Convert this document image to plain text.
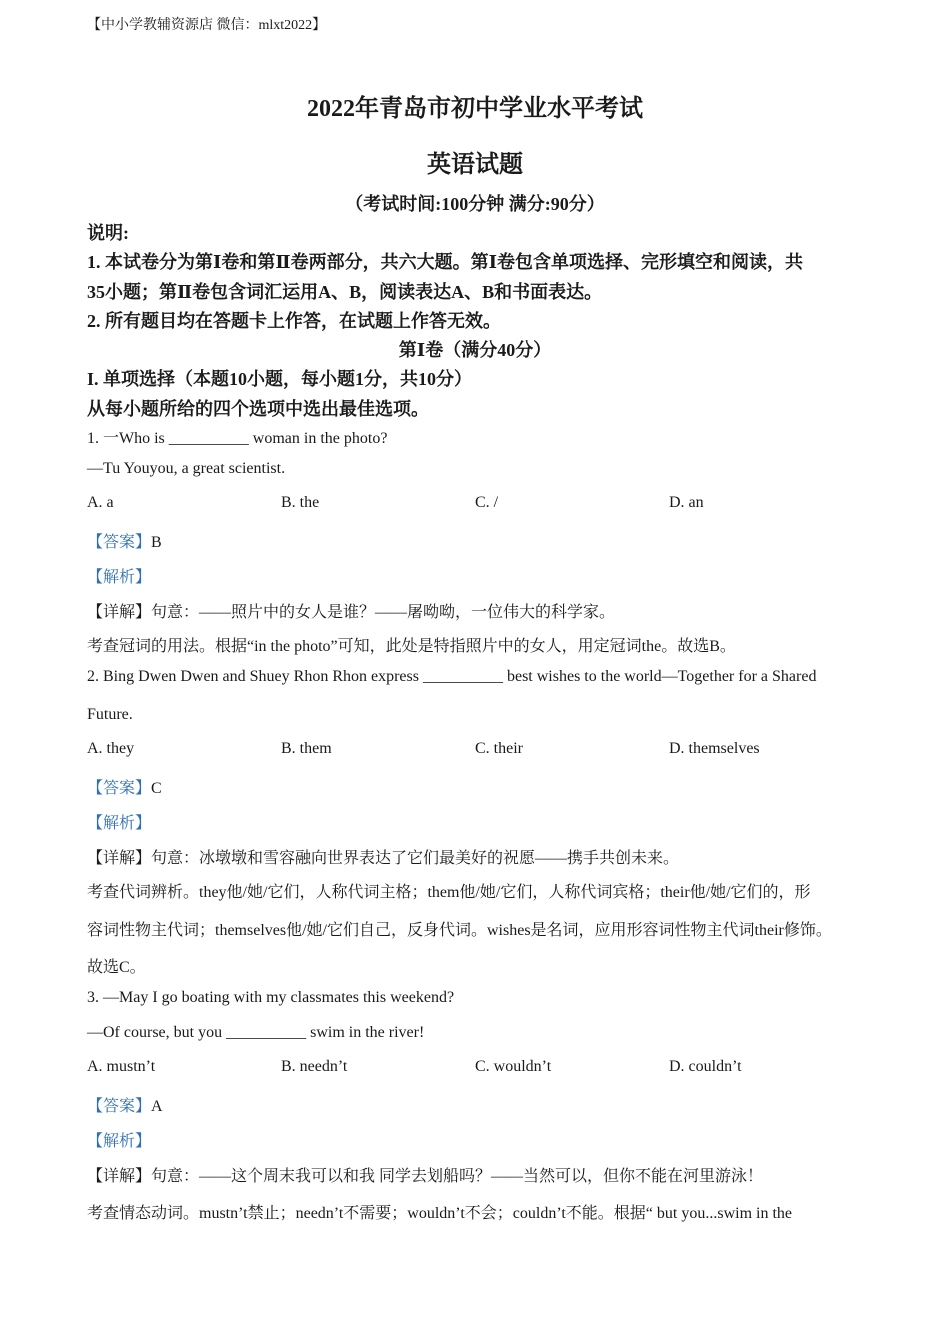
【中小学教辅资源店 微信：mlxt2022】
2022年青岛市初中学业水平考试
英语试题
（考试时间:100分钟 满分:90分）
说明:
1. 本试卷分为第Ⅰ卷和第Ⅱ卷两部分，共六大题。第Ⅰ卷包含单项选择、完形填空和阅读，共
35小题；第Ⅱ卷包含词汇运用A、B，阅读表达A、B和书面表达。
2. 所有题目均在答题卡上作答，在试题上作答无效。
第Ⅰ卷（满分40分）
I. 单项选择（本题10小题，每小题1分，共10分）
从每小题所给的四个选项中选出最佳选项。
1. 一Who is __________ woman in the photo?
—Tu Youyou, a great scientist.
A. a	B. the	C. /	D. an
【答案】B
【解析】
【详解】句意：——照片中的女人是谁？——屠呦呦，一位伟大的科学家。
考查冠词的用法。根据“in the photo”可知，此处是特指照片中的女人，用定冠词the。故选B。
2. Bing Dwen Dwen and Shuey Rhon Rhon express __________ best wishes to the world—Together for a Shared
Future.
A. they	B. them	C. their	D. themselves
【答案】C
【解析】
【详解】句意：冰墩墩和雪容融向世界表达了它们最美好的祝愿——携手共创未来。
考查代词辨析。they他/她/它们，人称代词主格；them他/她/它们，人称代词宾格；their他/她/它们的，形
容词性物主代词；themselves他/她/它们自己，反身代词。wishes是名词，应用形容词性物主代词their修饰。
故选C。
3. —May I go boating with my classmates this weekend?
—Of course, but you __________ swim in the river!
A. mustn’t	B. needn’t	C. wouldn’t	D. couldn’t
【答案】A
【解析】
【详解】句意：——这个周末我可以和我 同学去划船吗？——当然可以，但你不能在河里游泳！
考查情态动词。mustn’t禁止；needn’t不需要；wouldn’t不会；couldn’t不能。根据“ but you...swim in the
